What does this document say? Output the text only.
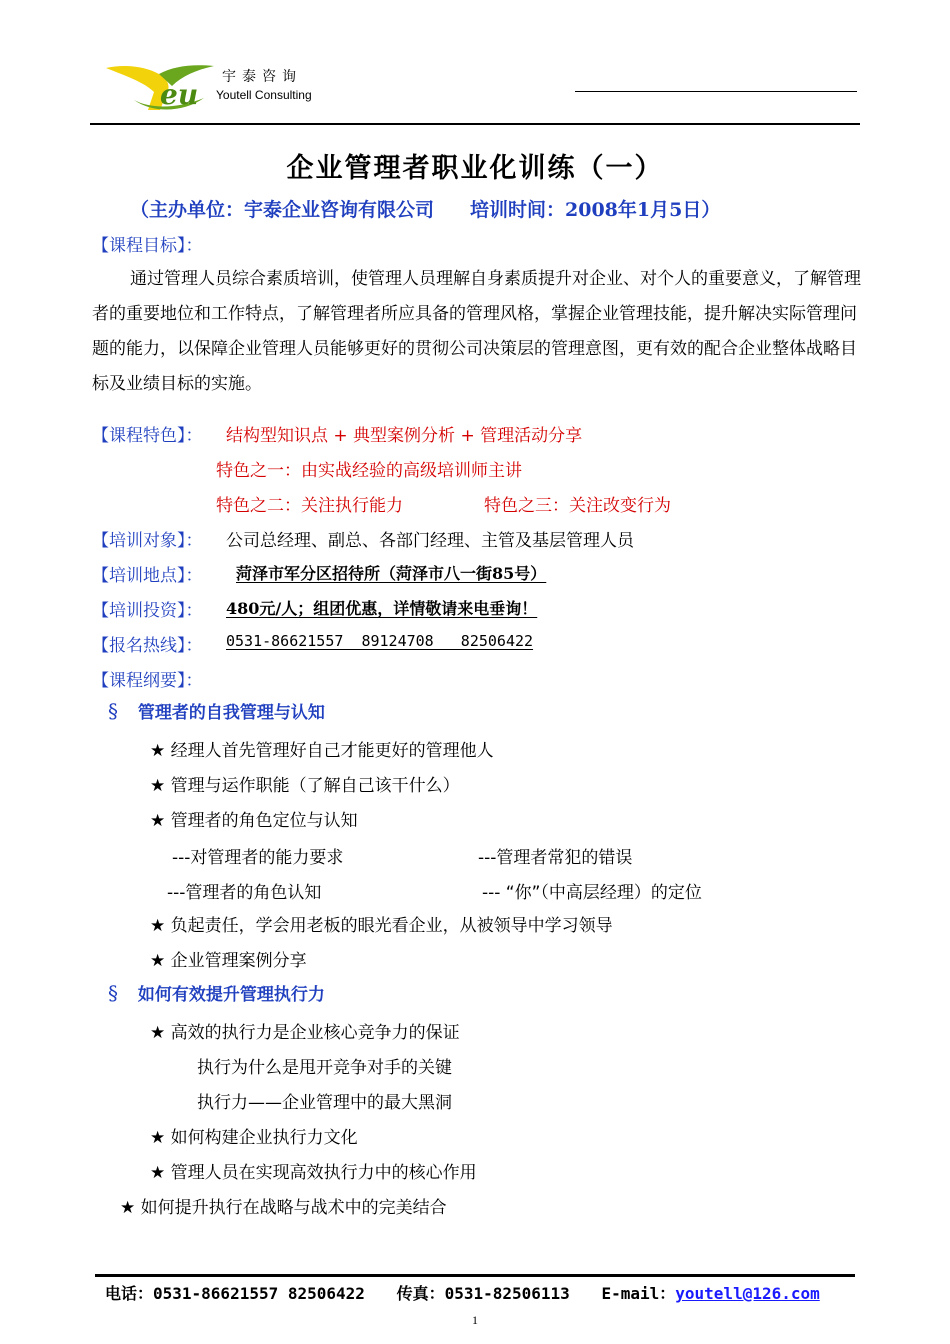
eu
宇泰咨询
Youtell Consulting
企业管理者职业化训练（一）
（主办单位：宇泰企业咨询有限公司 培训时间：2008年1月5日）
【课程目标】：
通过管理人员综合素质培训，使管理人员理解自身素质提升对企业、对个人的重要意义，了解管理者的重要地位和工作特点，了解管理者所应具备的管理风格，掌握企业管理技能，提升解决实际管理问题的能力，以保障企业管理人员能够更好的贯彻公司决策层的管理意图，更有效的配合企业整体战略目标及业绩目标的实施。
【课程特色】： 结构型知识点 + 典型案例分析 + 管理活动分享
特色之一：由实战经验的高级培训师主讲
特色之二：关注执行能力	特色之三：关注改变行为
【培训对象】： 公司总经理、副总、各部门经理、主管及基层管理人员
【培训地点】： 菏泽市军分区招待所（菏泽市八一街85号）
【培训投资】： 480元/人；组团优惠，详情敬请来电垂询！
【报名热线】： 0531-86621557  89124708   82506422
【课程纲要】：
§ 管理者的自我管理与认知
★ 经理人首先管理好自己才能更好的管理他人
★ 管理与运作职能（了解自己该干什么）
★ 管理者的角色定位与认知
---对管理者的能力要求	---管理者常犯的错误
---管理者的角色认知	--- “你”（中高层经理）的定位
★ 负起责任，学会用老板的眼光看企业，从被领导中学习领导
★ 企业管理案例分享
§ 如何有效提升管理执行力
★ 高效的执行力是企业核心竞争力的保证
执行为什么是甩开竞争对手的关键
执行力——企业管理中的最大黑洞
★ 如何构建企业执行力文化
★ 管理人员在实现高效执行力中的核心作用
★ 如何提升执行在战略与战术中的完美结合
电话：0531-86621557 82506422 传真：0531-82506113 E-mail：youtell@126.com
1
